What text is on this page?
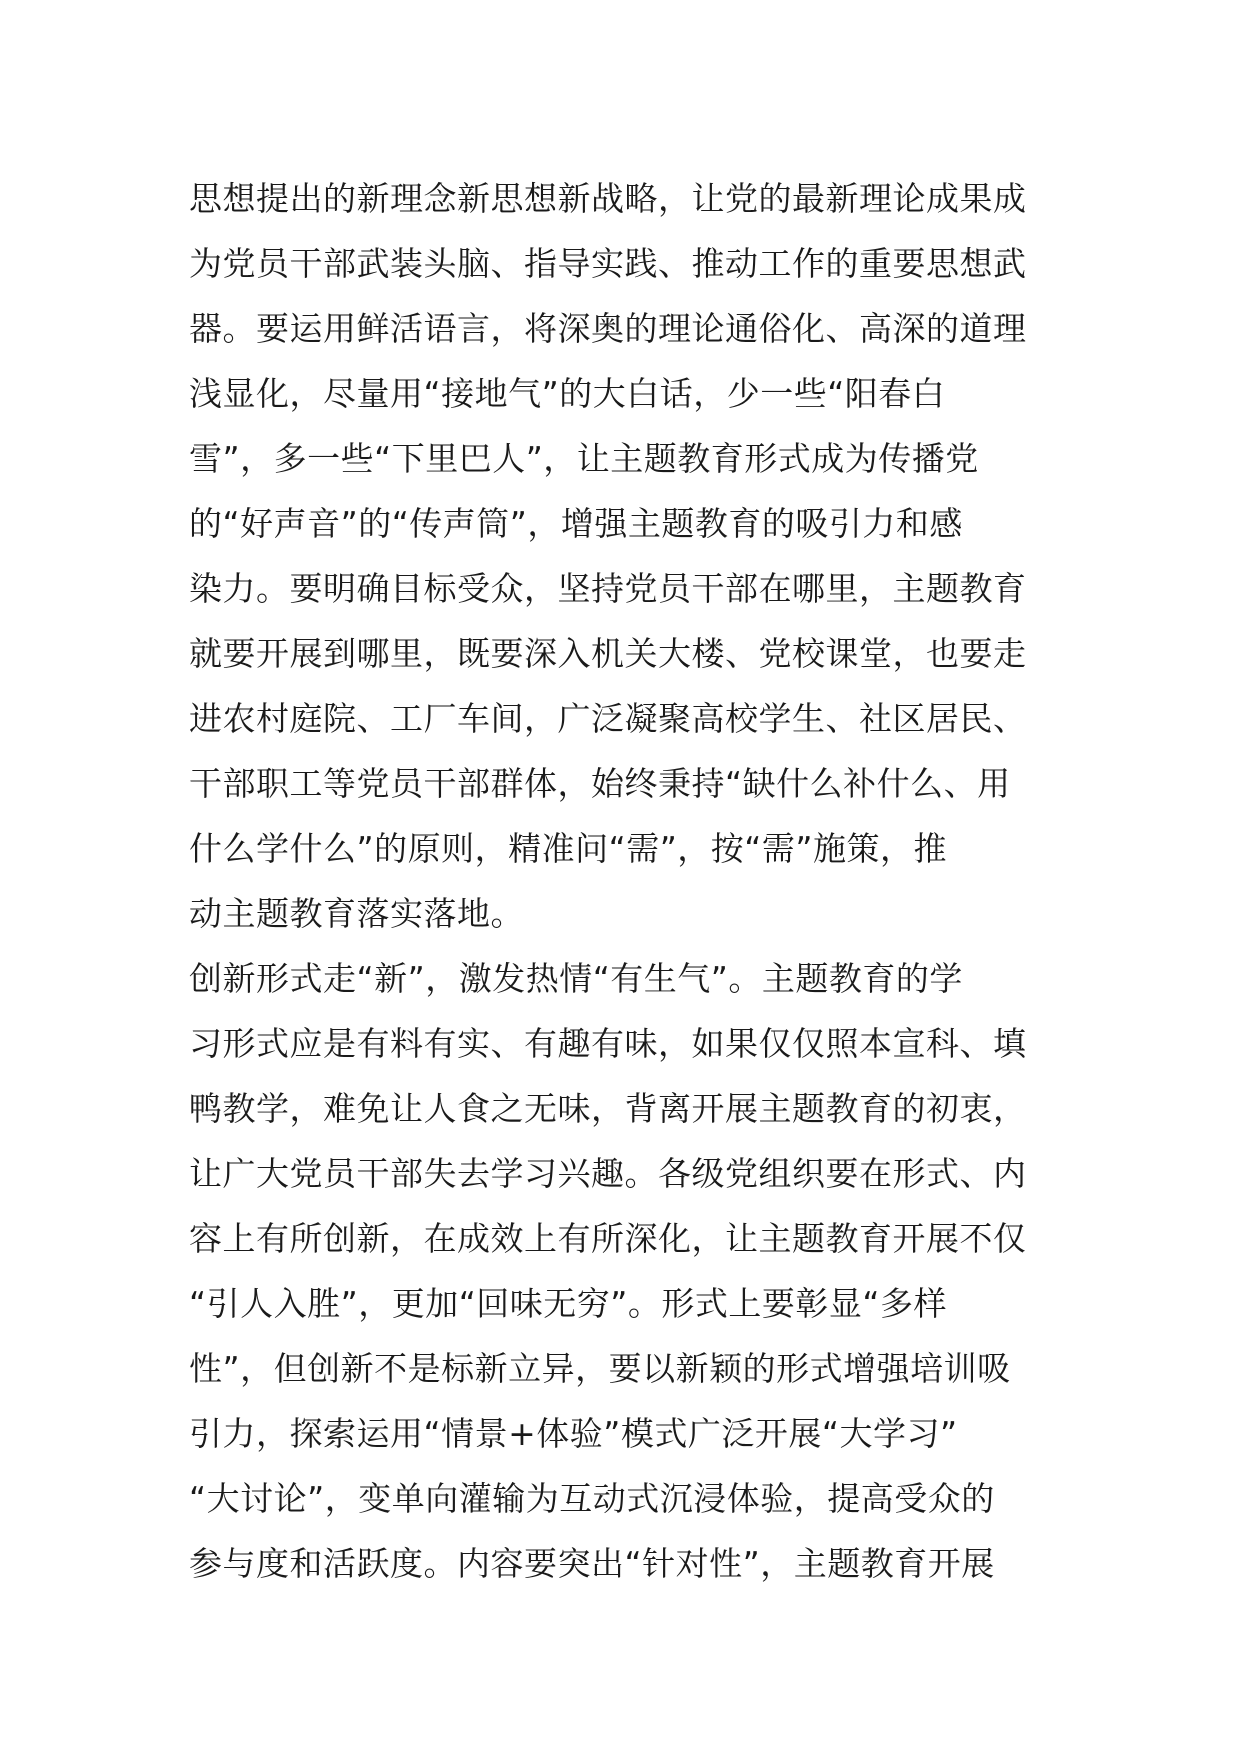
思想提出的新理念新思想新战略，让党的最新理论成果成
为党员干部武装头脑、指导实践、推动工作的重要思想武
器。要运用鲜活语言，将深奥的理论通俗化、高深的道理
浅显化，尽量用“接地气”的大白话，少一些“阳春白
雪”，多一些“下里巴人”，让主题教育形式成为传播党
的“好声音”的“传声筒”，增强主题教育的吸引力和感
染力。要明确目标受众，坚持党员干部在哪里，主题教育
就要开展到哪里，既要深入机关大楼、党校课堂，也要走
进农村庭院、工厂车间，广泛凝聚高校学生、社区居民、
干部职工等党员干部群体，始终秉持“缺什么补什么、用
什么学什么”的原则，精准问“需”，按“需”施策，推
动主题教育落实落地。
创新形式走“新”，激发热情“有生气”。主题教育的学
习形式应是有料有实、有趣有味，如果仅仅照本宣科、填
鸭教学，难免让人食之无味，背离开展主题教育的初衷，
让广大党员干部失去学习兴趣。各级党组织要在形式、内
容上有所创新，在成效上有所深化，让主题教育开展不仅
“引人入胜”，更加“回味无穷”。形式上要彰显“多样
性”，但创新不是标新立异，要以新颖的形式增强培训吸
引力，探索运用“情景+体验”模式广泛开展“大学习”
“大讨论”，变单向灌输为互动式沉浸体验，提高受众的
参与度和活跃度。内容要突出“针对性”，主题教育开展
